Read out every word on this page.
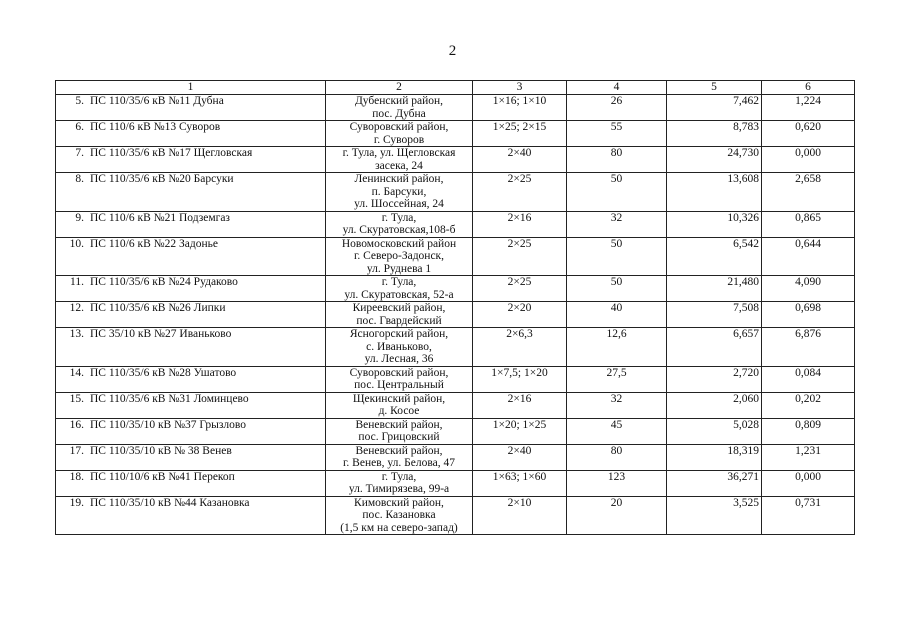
2
1	2	3	4	5	6
5. ПС 110/35/6 кВ №11 Дубна	Дубенский район,
пос. Дубна	1×16; 1×10	26	7,462	1,224
6. ПС 110/6 кВ №13 Суворов	Суворовский район,
г. Суворов	1×25; 2×15	55	8,783	0,620
7. ПС 110/35/6 кВ №17 Щегловская	г. Тула, ул. Щегловская
засека, 24	2×40	80	24,730	0,000
8. ПС 110/35/6 кВ №20 Барсуки	Ленинский район,
п. Барсуки,
ул. Шоссейная, 24	2×25	50	13,608	2,658
9. ПС 110/6 кВ №21 Подземгаз	г. Тула,
ул. Скуратовская,108-б	2×16	32	10,326	0,865
10. ПС 110/6 кВ №22 Задонье	Новомосковский район
г. Северо-Задонск,
ул. Руднева 1	2×25	50	6,542	0,644
11. ПС 110/35/6 кВ №24 Рудаково	г. Тула,
ул. Скуратовская, 52-а	2×25	50	21,480	4,090
12. ПС 110/35/6 кВ №26 Липки	Киреевский район,
пос. Гвардейский	2×20	40	7,508	0,698
13. ПС 35/10 кВ №27 Иваньково	Ясногорский район,
с. Иваньково,
ул. Лесная, 36	2×6,3	12,6	6,657	6,876
14. ПС 110/35/6 кВ №28 Ушатово	Суворовский район,
пос. Центральный	1×7,5; 1×20	27,5	2,720	0,084
15. ПС 110/35/6 кВ №31 Ломинцево	Щекинский район,
д. Косое	2×16	32	2,060	0,202
16. ПС 110/35/10 кВ №37 Грызлово	Веневский район,
пос. Грицовский	1×20; 1×25	45	5,028	0,809
17. ПС 110/35/10 кВ № 38 Венев	Веневский район,
г. Венев, ул. Белова, 47	2×40	80	18,319	1,231
18. ПС 110/10/6 кВ №41 Перекоп	г. Тула,
ул. Тимирязева, 99-а	1×63; 1×60	123	36,271	0,000
19. ПС 110/35/10 кВ №44 Казановка	Кимовский район,
пос. Казановка
(1,5 км на северо-запад)	2×10	20	3,525	0,731
